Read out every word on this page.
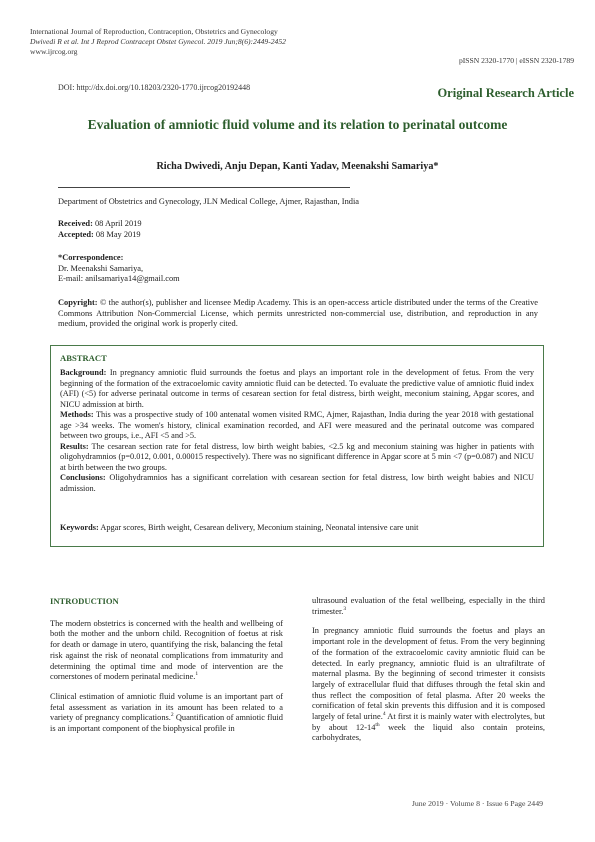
International Journal of Reproduction, Contraception, Obstetrics and Gynecology
Dwivedi R et al. Int J Reprod Contracept Obstet Gynecol. 2019 Jun;8(6):2449-2452
www.ijrcog.org
pISSN 2320-1770 | eISSN 2320-1789
DOI: http://dx.doi.org/10.18203/2320-1770.ijrcog20192448	Original Research Article
Evaluation of amniotic fluid volume and its relation to perinatal outcome
Richa Dwivedi, Anju Depan, Kanti Yadav, Meenakshi Samariya*
Department of Obstetrics and Gynecology, JLN Medical College, Ajmer, Rajasthan, India
Received: 08 April 2019
Accepted: 08 May 2019
*Correspondence:
Dr. Meenakshi Samariya,
E-mail: anilsamariya14@gmail.com
Copyright: © the author(s), publisher and licensee Medip Academy. This is an open-access article distributed under the terms of the Creative Commons Attribution Non-Commercial License, which permits unrestricted non-commercial use, distribution, and reproduction in any medium, provided the original work is properly cited.
ABSTRACT

Background: In pregnancy amniotic fluid surrounds the foetus and plays an important role in the development of fetus. From the very beginning of the formation of the extracoelomic cavity amniotic fluid can be detected. To evaluate the predictive value of amniotic fluid index (AFI) (<5) for adverse perinatal outcome in terms of cesarean section for fetal distress, birth weight, meconium staining, Apgar scores, and NICU admission at birth.

Methods: This was a prospective study of 100 antenatal women visited RMC, Ajmer, Rajasthan, India during the year 2018 with gestational age >34 weeks. The women's history, clinical examination recorded, and AFI were measured and the perinatal outcome was compared between two groups, i.e., AFI <5 and >5.

Results: The cesarean section rate for fetal distress, low birth weight babies, <2.5 kg and meconium staining was higher in patients with oligohydramnios (p=0.012, 0.001, 0.00015 respectively). There was no significant difference in Apgar score at 5 min <7 (p=0.087) and NICU at birth between the two groups.

Conclusions: Oligohydramnios has a significant correlation with cesarean section for fetal distress, low birth weight babies and NICU admission.

Keywords: Apgar scores, Birth weight, Cesarean delivery, Meconium staining, Neonatal intensive care unit
INTRODUCTION

The modern obstetrics is concerned with the health and wellbeing of both the mother and the unborn child. Recognition of foetus at risk for death or damage in utero, quantifying the risk, balancing the fetal risk against the risk of neonatal complications from immaturity and determining the optimal time and mode of intervention are the cornerstones of modern perinatal medicine.$^1$

Clinical estimation of amniotic fluid volume is an important part of fetal assessment as variation in its amount has been related to a variety of pregnancy complications.$^2$ Quantification of amniotic fluid is an important component of the biophysical profile in

ultrasound evaluation of the fetal wellbeing, especially in the third trimester.$^3$

In pregnancy amniotic fluid surrounds the foetus and plays an important role in the development of fetus. From the very beginning of the formation of the extracoelomic cavity amniotic fluid can be detected. In early pregnancy, amniotic fluid is an ultrafiltrate of maternal plasma. By the beginning of second trimester it consists largely of extracellular fluid that diffuses through the fetal skin and thus reflect the composition of fetal plasma. After 20 weeks the cornification of fetal skin prevents this diffusion and it is composed largely of fetal urine.$^4$ At first it is mainly water with electrolytes, but by about 12-14th week the liquid also contain proteins, carbohydrates,

June 2019 · Volume 8 · Issue 6 Page 2449
